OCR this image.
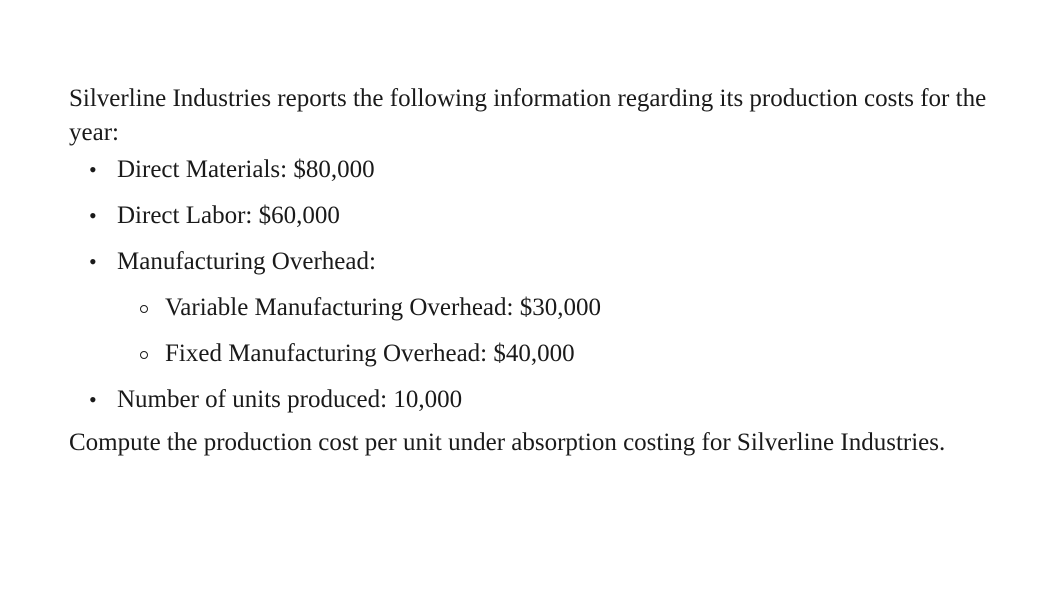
Silverline Industries reports the following information regarding its production costs for the year:

• Direct Materials: $80,000
• Direct Labor: $60,000
• Manufacturing Overhead:
Variable Manufacturing Overhead: $30,000
Fixed Manufacturing Overhead: $40,000
• Number of units produced: 10,000

Compute the production cost per unit under absorption costing for Silverline Industries.
